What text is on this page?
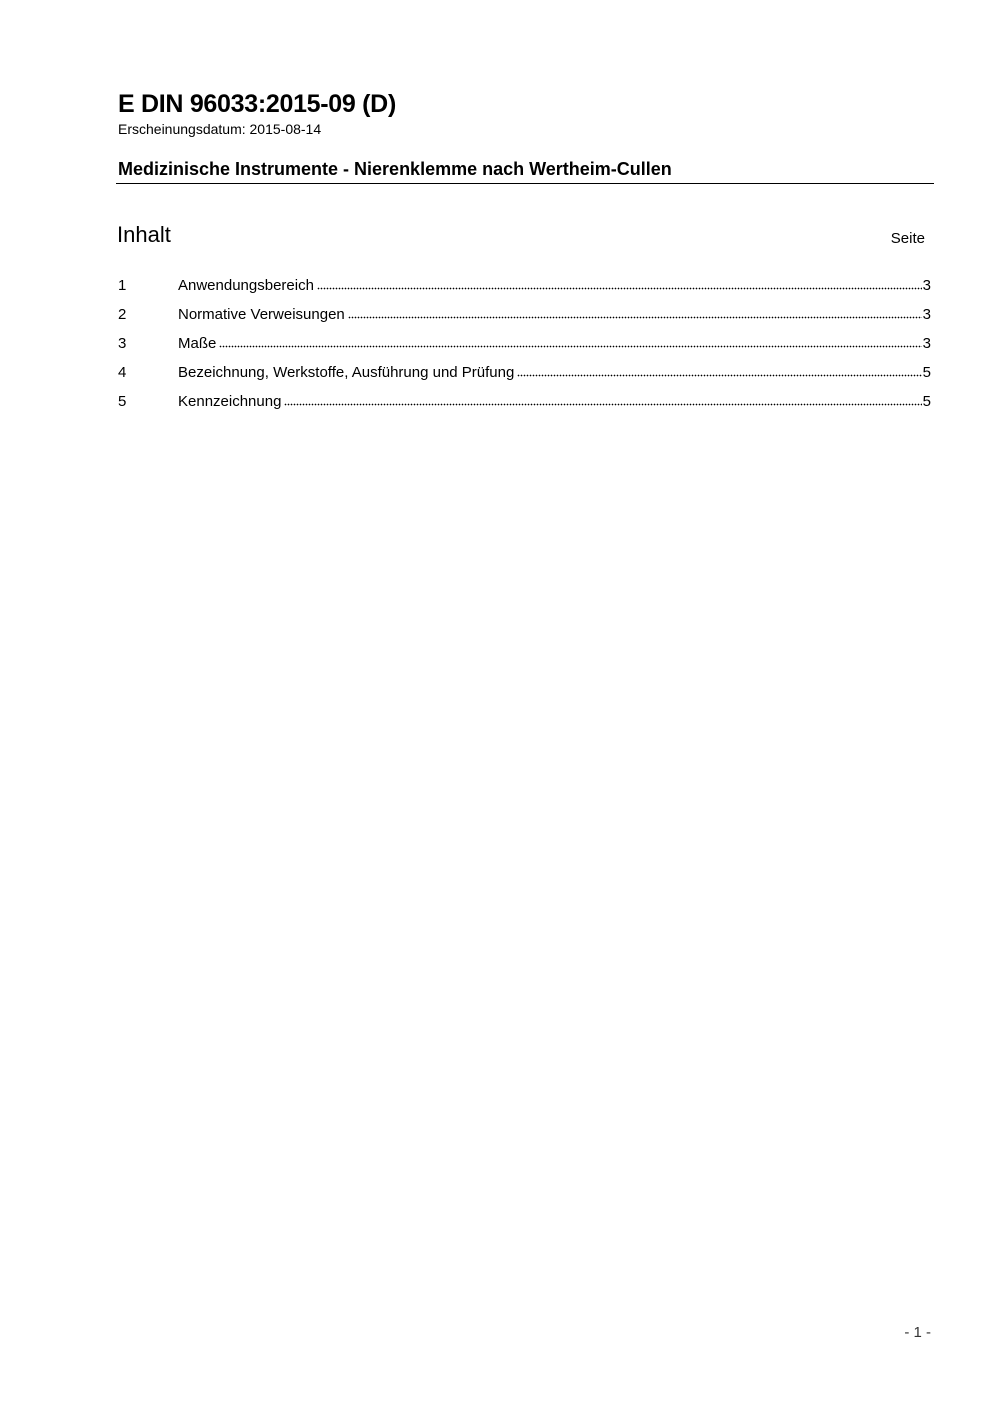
E DIN 96033:2015-09 (D)
Erscheinungsdatum: 2015-08-14
Medizinische Instrumente - Nierenklemme nach Wertheim-Cullen
Inhalt	Seite
1	Anwendungsbereich	3
2	Normative Verweisungen	3
3	Maße	3
4	Bezeichnung, Werkstoffe, Ausführung und Prüfung	5
5	Kennzeichnung	5
- 1 -
